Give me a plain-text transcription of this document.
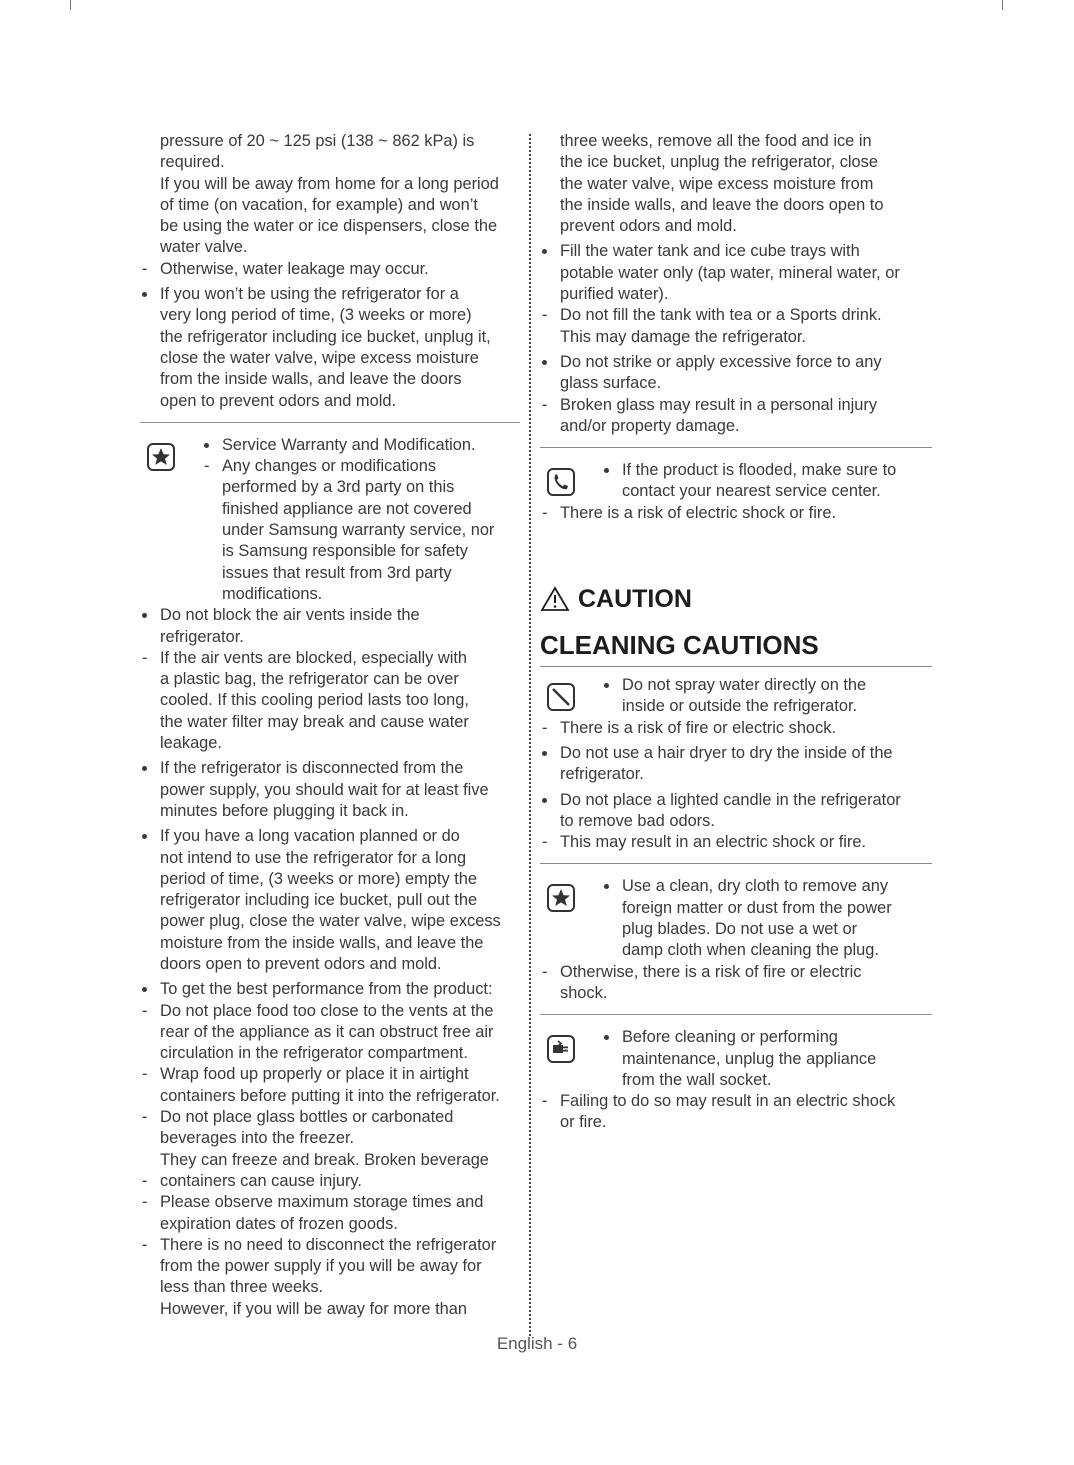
pressure of 20 ~ 125 psi (138 ~ 862 kPa) is

required.

If you will be away from home for a long period

of time (on vacation, for example) and won’t

be using the water or ice dispensers, close the

water valve.

Otherwise, water leakage may occur.

If you won’t be using the refrigerator for a

very long period of time, (3 weeks or more)

the refrigerator including ice bucket, unplug it,

close the water valve, wipe excess moisture

from the inside walls, and leave the doors

open to prevent odors and mold.

Service Warranty and Modification.

Any changes or modifications

performed by a 3rd party on this

finished appliance are not covered

under Samsung warranty service, nor

is Samsung responsible for safety

issues that result from 3rd party

modifications.

Do not block the air vents inside the

refrigerator.

If the air vents are blocked, especially with

a plastic bag, the refrigerator can be over

cooled. If this cooling period lasts too long,

the water filter may break and cause water

leakage.

If the refrigerator is disconnected from the

power supply, you should wait for at least five

minutes before plugging it back in.

If you have a long vacation planned or do

not intend to use the refrigerator for a long

period of time, (3 weeks or more) empty the

refrigerator including ice bucket, pull out the

power plug, close the water valve, wipe excess

moisture from the inside walls, and leave the

doors open to prevent odors and mold.

To get the best performance from the product:

Do not place food too close to the vents at the

rear of the appliance as it can obstruct free air

circulation in the refrigerator compartment.

Wrap food up properly or place it in airtight

containers before putting it into the refrigerator.

Do not place glass bottles or carbonated

beverages into the freezer.

They can freeze and break. Broken beverage

containers can cause injury.

Please observe maximum storage times and

expiration dates of frozen goods.

There is no need to disconnect the refrigerator

from the power supply if you will be away for

less than three weeks.

However, if you will be away for more than

three weeks, remove all the food and ice in

the ice bucket, unplug the refrigerator, close

the water valve, wipe excess moisture from

the inside walls, and leave the doors open to

prevent odors and mold.

Fill the water tank and ice cube trays with

potable water only (tap water, mineral water, or

purified water).

Do not fill the tank with tea or a Sports drink.

This may damage the refrigerator.

Do not strike or apply excessive force to any

glass surface.

Broken glass may result in a personal injury

and/or property damage.

If the product is flooded, make sure to

contact your nearest service center.

There is a risk of electric shock or fire.

CAUTION
CLEANING CAUTIONS

Do not spray water directly on the

inside or outside the refrigerator.

There is a risk of fire or electric shock.

Do not use a hair dryer to dry the inside of the

refrigerator.

Do not place a lighted candle in the refrigerator

to remove bad odors.

This may result in an electric shock or fire.

Use a clean, dry cloth to remove any

foreign matter or dust from the power

plug blades. Do not use a wet or

damp cloth when cleaning the plug.

Otherwise, there is a risk of fire or electric

shock.

Before cleaning or performing

maintenance, unplug the appliance

from the wall socket.

Failing to do so may result in an electric shock

or fire.

English - 6
